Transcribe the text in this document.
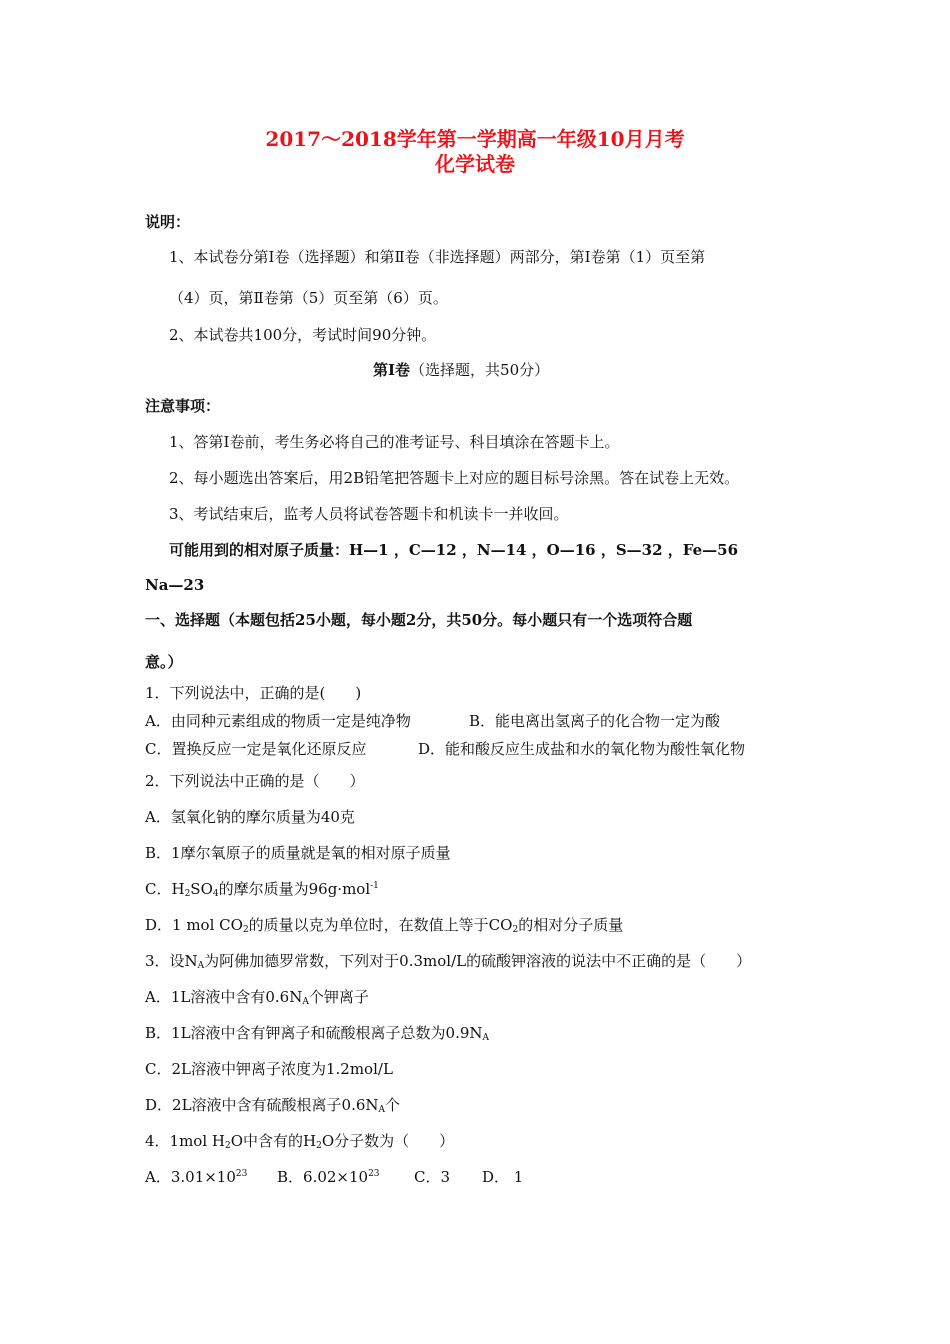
2017～2018学年第一学期高一年级10月月考
化学试卷
说明：
1、本试卷分第Ⅰ卷（选择题）和第Ⅱ卷（非选择题）两部分，第Ⅰ卷第（1）页至第
（4）页，第Ⅱ卷第（5）页至第（6）页。
2、本试卷共100分，考试时间90分钟。
第Ⅰ卷（选择题，共50分）
注意事项：
1、答第Ⅰ卷前，考生务必将自己的准考证号、科目填涂在答题卡上。
2、每小题选出答案后，用2B铅笔把答题卡上对应的题目标号涂黑。答在试卷上无效。
3、考试结束后，监考人员将试卷答题卡和机读卡一并收回。
可能用到的相对原子质量：H—1 ，C—12 ，N—14 ，O—16 ，S—32 ，Fe—56
Na—23
一、选择题（本题包括25小题，每小题2分，共50分。每小题只有一个选项符合题
意。）
1．下列说法中，正确的是(　　)
A．由同种元素组成的物质一定是纯净物	B．能电离出氢离子的化合物一定为酸
C．置换反应一定是氧化还原反应	D．能和酸反应生成盐和水的氧化物为酸性氧化物
2．下列说法中正确的是（　　）
A．氢氧化钠的摩尔质量为40克
B．1摩尔氧原子的质量就是氧的相对原子质量
C．$H_2SO_4$的摩尔质量为96g·mol$^{-1}$
D．1 mol $CO_2$的质量以克为单位时，在数值上等于$CO_2$的相对分子质量
3．设$N_A$为阿佛加德罗常数，下列对于0.3mol/L的硫酸钾溶液的说法中不正确的是（　　）
A．1L溶液中含有$0.6N_A$个钾离子
B．1L溶液中含有钾离子和硫酸根离子总数为$0.9N_A$
C．2L溶液中钾离子浓度为1.2mol/L
D．2L溶液中含有硫酸根离子$0.6N_A$个
4．1mol $H_2O$中含有的$H_2O$分子数为（　　）
A．$3.01\times 10^{23}$ B．$6.02\times 10^{23}$ C．3 D． 1
